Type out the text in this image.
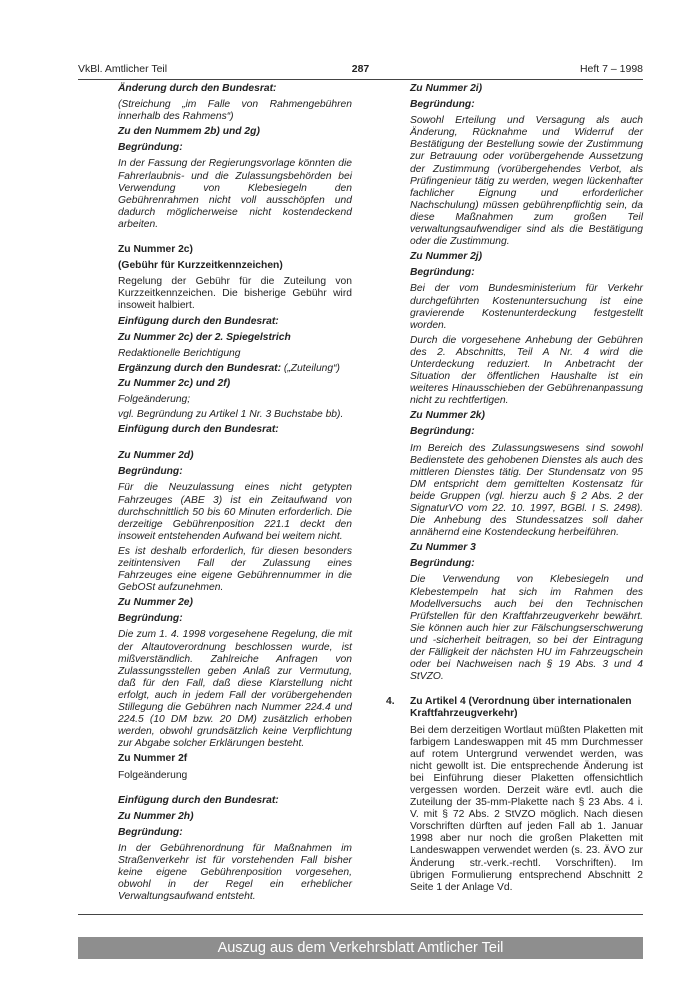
VkBl. Amtlicher Teil	287	Heft 7 – 1998

Änderung durch den Bundesrat:

(Streichung „im Falle von Rahmengebühren innerhalb des Rahmens“)

Zu den Nummem 2b) und 2g)

Begründung:

In der Fassung der Regierungsvorlage könnten die Fahrerlaubnis- und die Zulassungsbehörden bei Verwendung von Klebesiegeln den Gebührenrahmen nicht voll ausschöpfen und dadurch möglicherweise nicht kostendeckend arbeiten.

Zu Nummer 2c)

(Gebühr für Kurzzeitkennzeichen)

Regelung der Gebühr für die Zuteilung von Kurzzeitkennzeichen. Die bisherige Gebühr wird insoweit halbiert.

Einfügung durch den Bundesrat:

Zu Nummer 2c) der 2. Spiegelstrich

Redaktionelle Berichtigung

Ergänzung durch den Bundesrat: („Zuteilung“)

Zu Nummer 2c) und 2f)

Folgeänderung;

vgl. Begründung zu Artikel 1 Nr. 3 Buchstabe bb).

Einfügung durch den Bundesrat:

Zu Nummer 2d)

Begründung:

Für die Neuzulassung eines nicht getypten Fahrzeuges (ABE 3) ist ein Zeitaufwand von durchschnittlich 50 bis 60 Minuten erforderlich. Die derzeitige Gebührenposition 221.1 deckt den insoweit entstehenden Aufwand bei weitem nicht.

Es ist deshalb erforderlich, für diesen besonders zeitintensiven Fall der Zulassung eines Fahrzeuges eine eigene Gebührennummer in die GebOSt aufzunehmen.

Zu Nummer 2e)

Begründung:

Die zum 1. 4. 1998 vorgesehene Regelung, die mit der Altautoverordnung beschlossen wurde, ist mißverständlich. Zahlreiche Anfragen von Zulassungsstellen geben Anlaß zur Vermutung, daß für den Fall, daß diese Klarstellung nicht erfolgt, auch in jedem Fall der vorübergehenden Stillegung die Gebühren nach Nummer 224.4 und 224.5 (10 DM bzw. 20 DM) zusätzlich erhoben werden, obwohl grundsätzlich keine Verpflichtung zur Abgabe solcher Erklärungen besteht.

Zu Nummer 2f

Folgeänderung

Einfügung durch den Bundesrat:

Zu Nummer 2h)

Begründung:

In der Gebührenordnung für Maßnahmen im Straßenverkehr ist für vorstehenden Fall bisher keine eigene Gebührenposition vorgesehen, obwohl in der Regel ein erheblicher Verwaltungsaufwand entsteht.

Zu Nummer 2i)

Begründung:

Sowohl Erteilung und Versagung als auch Änderung, Rücknahme und Widerruf der Bestätigung der Bestellung sowie der Zustimmung zur Betrauung oder vorübergehende Aussetzung der Zustimmung (vorübergehendes Verbot, als Prüfingenieur tätig zu werden, wegen lückenhafter fachlicher Eignung und erforderlicher Nachschulung) müssen gebührenpflichtig sein, da diese Maßnahmen zum großen Teil verwaltungsaufwendiger sind als die Bestätigung oder die Zustimmung.

Zu Nummer 2j)

Begründung:

Bei der vom Bundesministerium für Verkehr durchgeführten Kostenuntersuchung ist eine gravierende Kostenunterdeckung festgestellt worden.

Durch die vorgesehene Anhebung der Gebühren des 2. Abschnitts, Teil A Nr. 4 wird die Unterdeckung reduziert. In Anbetracht der Situation der öffentlichen Haushalte ist ein weiteres Hinausschieben der Gebührenanpassung nicht zu rechtfertigen.

Zu Nummer 2k)

Begründung:

Im Bereich des Zulassungswesens sind sowohl Bedienstete des gehobenen Dienstes als auch des mittleren Dienstes tätig. Der Stundensatz von 95 DM entspricht dem gemittelten Kostensatz für beide Gruppen (vgl. hierzu auch § 2 Abs. 2 der SignaturVO vom 22. 10. 1997, BGBl. I S. 2498). Die Anhebung des Stundessatzes soll daher annähernd eine Kostendeckung herbeiführen.

Zu Nummer 3

Begründung:

Die Verwendung von Klebesiegeln und Klebestempeln hat sich im Rahmen des Modellversuchs auch bei den Technischen Prüfstellen für den Kraftfahrzeugverkehr bewährt. Sie können auch hier zur Fälschungserschwerung und -sicherheit beitragen, so bei der Eintragung der Fälligkeit der nächsten HU im Fahrzeugschein oder bei Nachweisen nach § 19 Abs. 3 und 4 StVZO.

4. Zu Artikel 4 (Verordnung über internationalen Kraftfahrzeugverkehr)

Bei dem derzeitigen Wortlaut müßten Plaketten mit farbigem Landeswappen mit 45 mm Durchmesser auf rotem Untergrund verwendet werden, was nicht gewollt ist. Die entsprechende Änderung ist bei Einführung dieser Plaketten offensichtlich vergessen worden. Derzeit wäre evtl. auch die Zuteilung der 35-mm-Plakette nach § 23 Abs. 4 i. V. mit § 72 Abs. 2 StVZO möglich. Nach diesen Vorschriften dürften auf jeden Fall ab 1. Januar 1998 aber nur noch die großen Plaketten mit Landeswappen verwendet werden (s. 23. ÄVO zur Änderung str.-verk.-rechtl. Vorschriften). Im übrigen Formulierung entsprechend Abschnitt 2 Seite 1 der Anlage Vd.

Auszug aus dem Verkehrsblatt Amtlicher Teil
